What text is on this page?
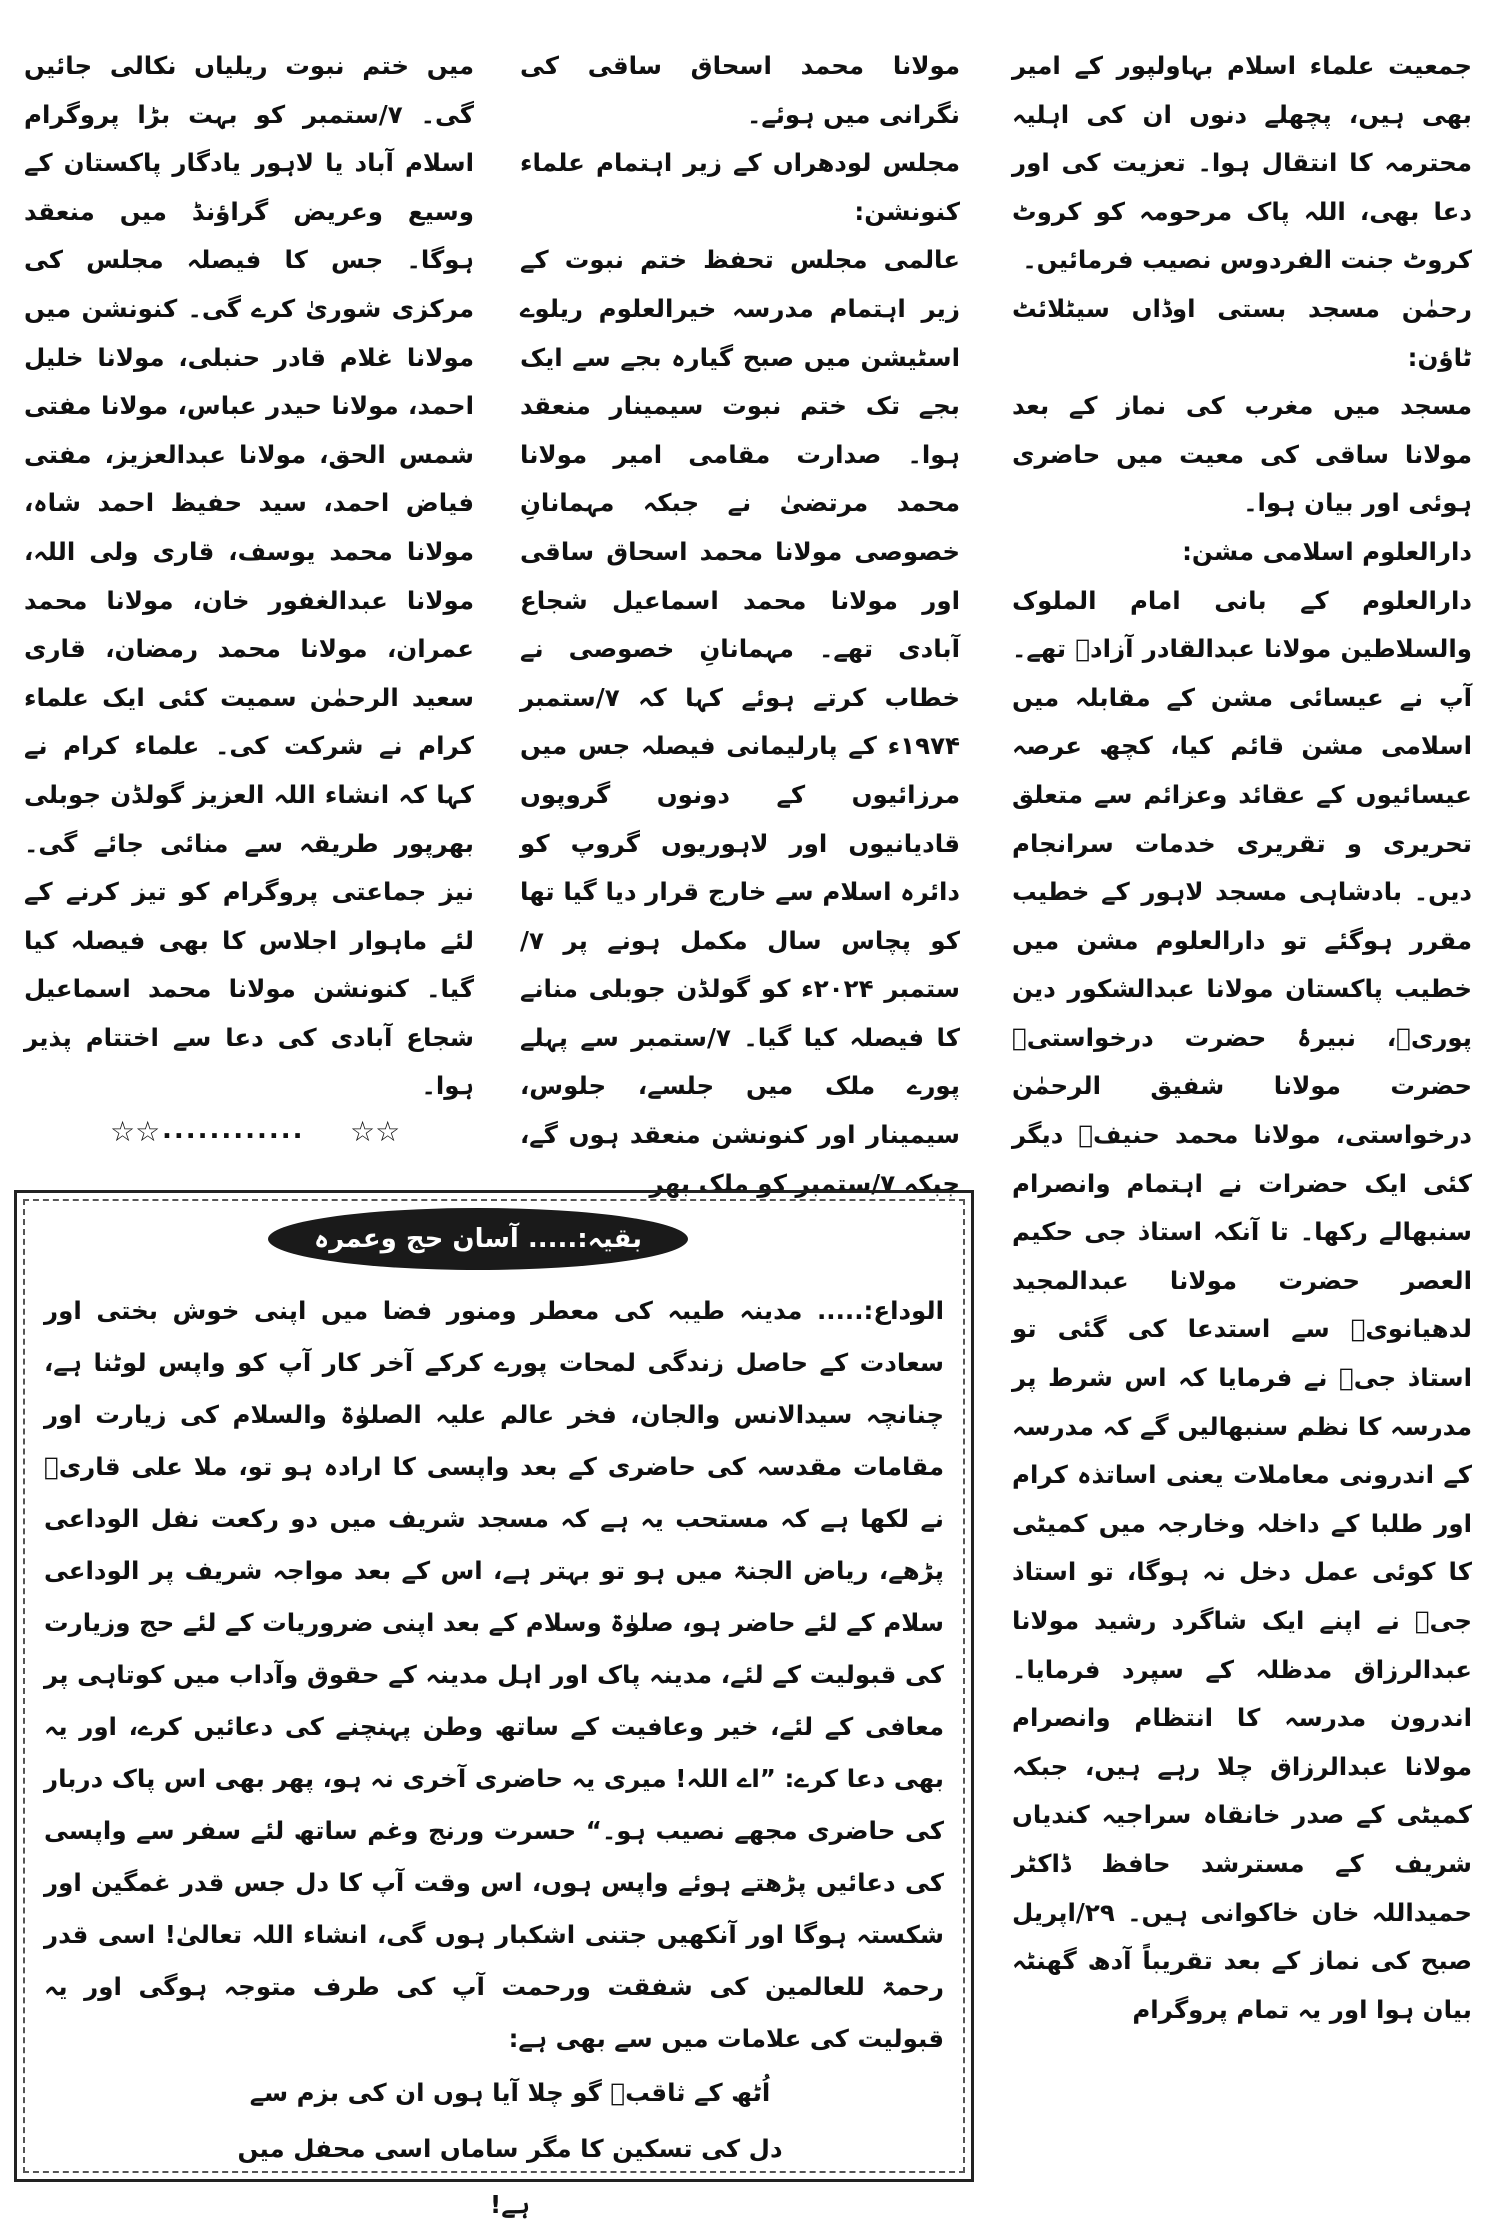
جمعیت علماء اسلام بہاولپور کے امیر بھی ہیں، پچھلے دنوں ان کی اہلیہ محترمہ کا انتقال ہوا۔ تعزیت کی اور دعا بھی، اللہ پاک مرحومہ کو کروٹ کروٹ جنت الفردوس نصیب فرمائیں۔

رحمٰن مسجد بستی اوڈاں سیٹلائٹ ٹاؤن:

مسجد میں مغرب کی نماز کے بعد مولانا ساقی کی معیت میں حاضری ہوئی اور بیان ہوا۔

دارالعلوم اسلامی مشن:

دارالعلوم کے بانی امام الملوک والسلاطین مولانا عبدالقادر آزادؒ تھے۔آپ نے عیسائی مشن کے مقابلہ میں اسلامی مشن قائم کیا، کچھ عرصہ عیسائیوں کے عقائد وعزائم سے متعلق تحریری و تقریری خدمات سرانجام دیں۔ بادشاہی مسجد لاہور کے خطیب مقرر ہوگئے تو دارالعلوم مشن میں خطیب پاکستان مولانا عبدالشکور دین پوریؒ، نبیرۂ حضرت درخواستیؒ حضرت مولانا شفیق الرحمٰن درخواستی، مولانا محمد حنیفؒ دیگر کئی ایک حضرات نے اہتمام وانصرام سنبھالے رکھا۔ تا آنکہ استاذ جی حکیم العصر حضرت مولانا عبدالمجید لدھیانویؒ سے استدعا کی گئی تو استاذ جیؒ نے فرمایا کہ اس شرط پر مدرسہ کا نظم سنبھالیں گے کہ مدرسہ کے اندرونی معاملات یعنی اساتذہ کرام اور طلبا کے داخلہ وخارجہ میں کمیٹی کا کوئی عمل دخل نہ ہوگا، تو استاذ جیؒ نے اپنے ایک شاگرد رشید مولانا عبدالرزاق مدظلہ کے سپرد فرمایا۔ اندرون مدرسہ کا انتظام وانصرام مولانا عبدالرزاق چلا رہے ہیں، جبکہ کمیٹی کے صدر خانقاہ سراجیہ کندیاں شریف کے مسترشد حافظ ڈاکٹر حمیداللہ خان خاکوانی ہیں۔ ۲۹/اپریل صبح کی نماز کے بعد تقریباً آدھ گھنٹہ بیان ہوا اور یہ تمام پروگرام

مولانا محمد اسحاق ساقی کی نگرانی میں ہوئے۔

مجلس لودھراں کے زیر اہتمام علماء کنونشن:

عالمی مجلس تحفظ ختم نبوت کے زیر اہتمام مدرسہ خیرالعلوم ریلوے اسٹیشن میں صبح گیارہ بجے سے ایک بجے تک ختم نبوت سیمینار منعقد ہوا۔ صدارت مقامی امیر مولانا محمد مرتضیٰ نے جبکہ مہمانانِ خصوصی مولانا محمد اسحاق ساقی اور مولانا محمد اسماعیل شجاع آبادی تھے۔ مہمانانِ خصوصی نے خطاب کرتے ہوئے کہا کہ ۷/ستمبر ۱۹۷۴ء کے پارلیمانی فیصلہ جس میں مرزائیوں کے دونوں گروپوں قادیانیوں اور لاہوریوں گروپ کو دائرہ اسلام سے خارج قرار دیا گیا تھا کو پچاس سال مکمل ہونے پر ۷/ستمبر ۲۰۲۴ء کو گولڈن جوبلی منانے کا فیصلہ کیا گیا۔ ۷/ستمبر سے پہلے پورے ملک میں جلسے، جلوس، سیمینار اور کنونشن منعقد ہوں گے، جبکہ ۷/ستمبر کو ملک بھر

میں ختم نبوت ریلیاں نکالی جائیں گی۔ ۷/ستمبر کو بہت بڑا پروگرام اسلام آباد یا لاہور یادگار پاکستان کے وسیع وعریض گراؤنڈ میں منعقد ہوگا۔ جس کا فیصلہ مجلس کی مرکزی شوریٰ کرے گی۔ کنونشن میں مولانا غلام قادر حنبلی، مولانا خلیل احمد، مولانا حیدر عباس، مولانا مفتی شمس الحق، مولانا عبدالعزیز، مفتی فیاض احمد، سید حفیظ احمد شاہ، مولانا محمد یوسف، قاری ولی اللہ، مولانا عبدالغفور خان، مولانا محمد عمران، مولانا محمد رمضان، قاری سعید الرحمٰن سمیت کئی ایک علماء کرام نے شرکت کی۔ علماء کرام نے کہا کہ انشاء اللہ العزیز گولڈن جوبلی بھرپور طریقہ سے منائی جائے گی۔ نیز جماعتی پروگرام کو تیز کرنے کے لئے ماہوار اجلاس کا بھی فیصلہ کیا گیا۔ کنونشن مولانا محمد اسماعیل شجاع آبادی کی دعا سے اختتام پذیر ہوا۔

☆☆
............
☆☆
بقیہ:..... آسان حج وعمرہ

الوداع:..... مدینہ طیبہ کی معطر ومنور فضا میں اپنی خوش بختی اور سعادت کے حاصل زندگی لمحات پورے کرکے آخر کار آپ کو واپس لوٹنا ہے، چنانچہ سیدالانس والجان، فخر عالم علیہ الصلوٰۃ والسلام کی زیارت اور مقامات مقدسہ کی حاضری کے بعد واپسی کا ارادہ ہو تو، ملا علی قاریؒ نے لکھا ہے کہ مستحب یہ ہے کہ مسجد شریف میں دو رکعت نفل الوداعی پڑھے، ریاض الجنۃ میں ہو تو بہتر ہے، اس کے بعد مواجہ شریف پر الوداعی سلام کے لئے حاضر ہو، صلوٰۃ وسلام کے بعد اپنی ضروریات کے لئے حج وزیارت کی قبولیت کے لئے، مدینہ پاک اور اہل مدینہ کے حقوق وآداب میں کوتاہی پر معافی کے لئے، خیر وعافیت کے ساتھ وطن پہنچنے کی دعائیں کرے، اور یہ بھی دعا کرے: ”اے اللہ! میری یہ حاضری آخری نہ ہو، پھر بھی اس پاک دربار کی حاضری مجھے نصیب ہو۔“ حسرت ورنج وغم ساتھ لئے سفر سے واپسی کی دعائیں پڑھتے ہوئے واپس ہوں، اس وقت آپ کا دل جس قدر غمگین اور شکستہ ہوگا اور آنکھیں جتنی اشکبار ہوں گی، انشاء اللہ تعالیٰ! اسی قدر رحمۃ للعالمین کی شفقت ورحمت آپ کی طرف متوجہ ہوگی اور یہ قبولیت کی علامات میں سے بھی ہے:

اُٹھ کے ثاقبؔ گو چلا آیا ہوں ان کی بزم سے

دل کی تسکین کا مگر ساماں اسی محفل میں ہے!
